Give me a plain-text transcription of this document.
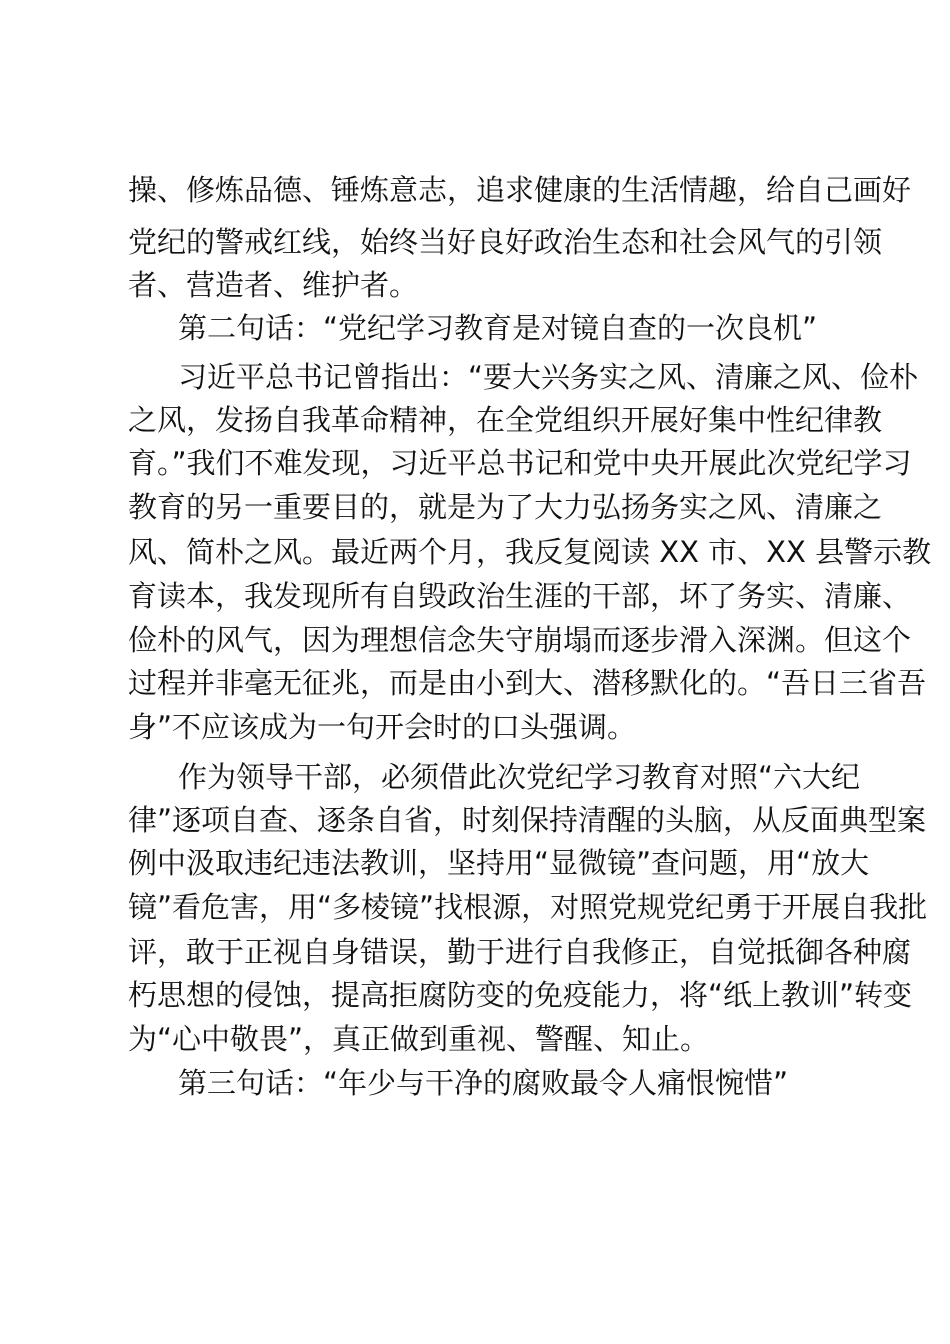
操、修炼品德、锤炼意志，追求健康的生活情趣，给自己画好
党纪的警戒红线，始终当好良好政治生态和社会风气的引领
者、营造者、维护者。
第二句话：“党纪学习教育是对镜自查的一次良机”
习近平总书记曾指出：“要大兴务实之风、清廉之风、俭朴
之风，发扬自我革命精神，在全党组织开展好集中性纪律教
育。”我们不难发现，习近平总书记和党中央开展此次党纪学习
教育的另一重要目的，就是为了大力弘扬务实之风、清廉之
风、简朴之风。最近两个月，我反复阅读 XX 市、XX 县警示教
育读本，我发现所有自毁政治生涯的干部，坏了务实、清廉、
俭朴的风气，因为理想信念失守崩塌而逐步滑入深渊。但这个
过程并非毫无征兆，而是由小到大、潜移默化的。“吾日三省吾
身”不应该成为一句开会时的口头强调。
作为领导干部，必须借此次党纪学习教育对照“六大纪
律”逐项自查、逐条自省，时刻保持清醒的头脑，从反面典型案
例中汲取违纪违法教训，坚持用“显微镜”查问题，用“放大
镜”看危害，用“多棱镜”找根源，对照党规党纪勇于开展自我批
评，敢于正视自身错误，勤于进行自我修正，自觉抵御各种腐
朽思想的侵蚀，提高拒腐防变的免疫能力，将“纸上教训”转变
为“心中敬畏”，真正做到重视、警醒、知止。
第三句话：“年少与干净的腐败最令人痛恨惋惜”
